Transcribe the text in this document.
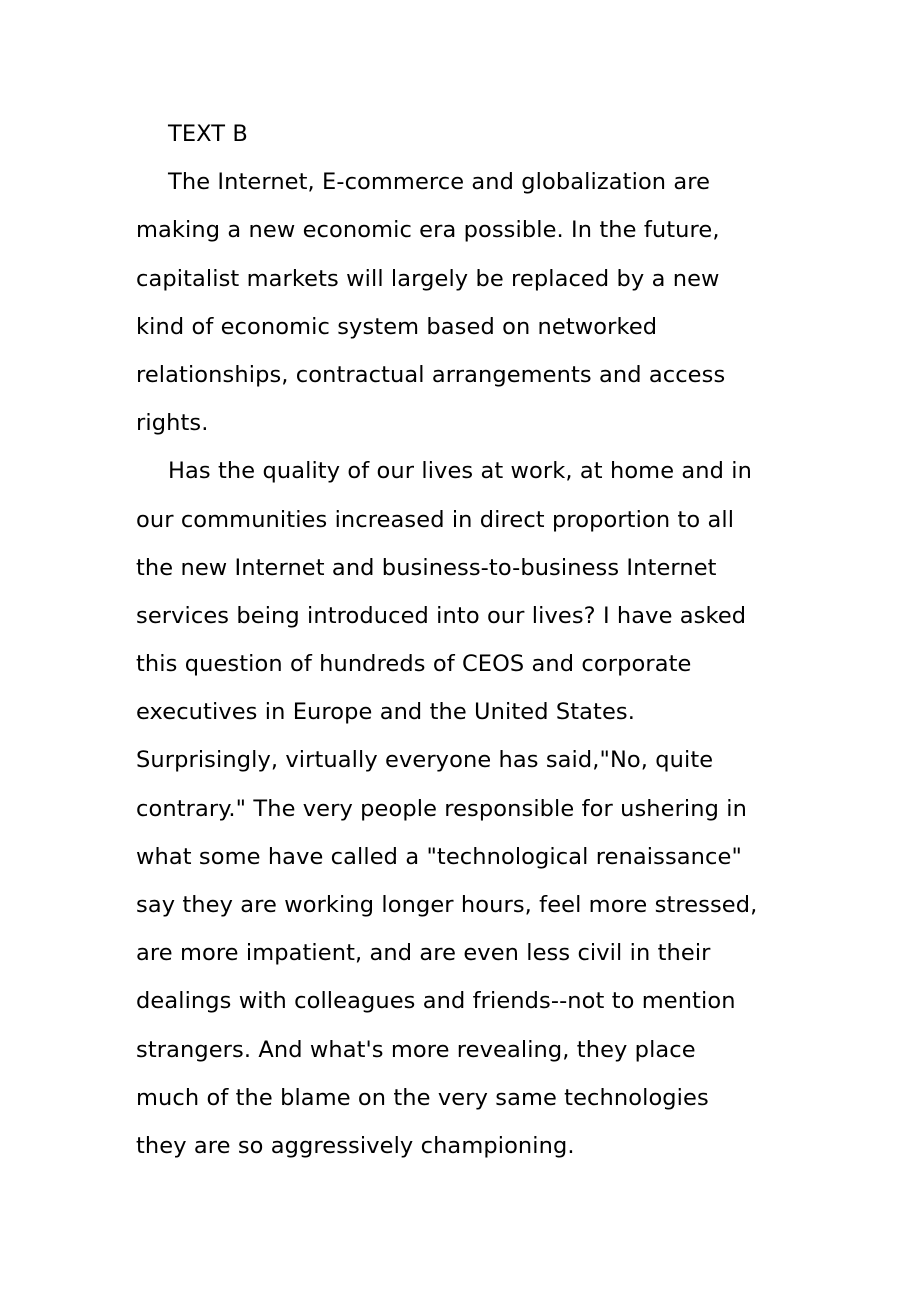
TEXT B
The Internet, E-commerce and globalization are
making a new economic era possible. In the future,
capitalist markets will largely be replaced by a new
kind of economic system based on networked
relationships, contractual arrangements and access
rights.
Has the quality of our lives at work, at home and in
our communities increased in direct proportion to all
the new Internet and business-to-business Internet
services being introduced into our lives? I have asked
this question of hundreds of CEOS and corporate
executives in Europe and the United States.
Surprisingly, virtually everyone has said,"No, quite
contrary." The very people responsible for ushering in
what some have called a "technological renaissance"
say they are working longer hours, feel more stressed,
are more impatient, and are even less civil in their
dealings with colleagues and friends--not to mention
strangers. And what's more revealing, they place
much of the blame on the very same technologies
they are so aggressively championing.
